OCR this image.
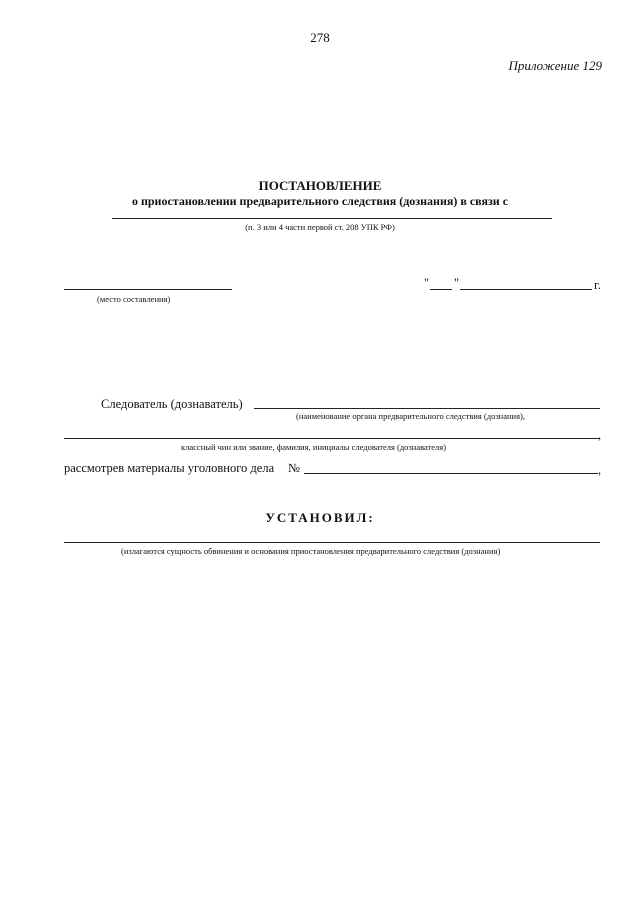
278
Приложение 129
ПОСТАНОВЛЕНИЕ
о приостановлении предварительного следствия (дознания) в связи с
(п. 3 или 4 части первой ст. 208 УПК РФ)
(место составления)
" "	г.
Следователь (дознаватель)
(наименование органа предварительного следствия (дознания),
,
классный чин или звание, фамилия, инициалы следователя (дознавателя)
рассмотрев материалы уголовного дела №	,
УСТАНОВИЛ:
(излагаются сущность обвинения и основания приостановления предварительного следствия (дознания)
